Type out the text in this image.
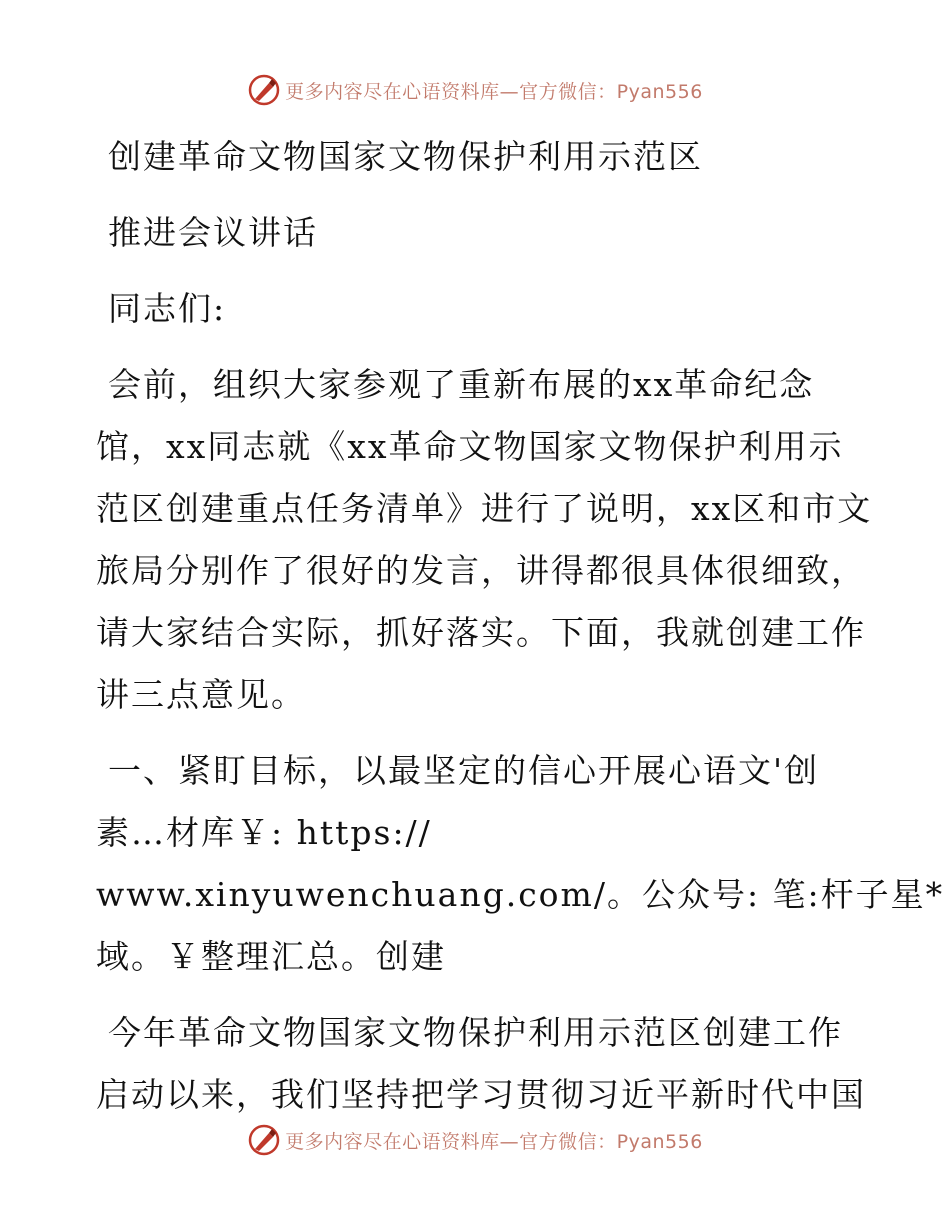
更多内容尽在心语资料库—官方微信：Pyan556
创建革命文物国家文物保护利用示范区
推进会议讲话
同志们:
会前，组织大家参观了重新布展的xx革命纪念
馆，xx同志就《xx革命文物国家文物保护利用示
范区创建重点任务清单》进行了说明，xx区和市文
旅局分别作了很好的发言，讲得都很具体很细致，
请大家结合实际，抓好落实。下面，我就创建工作
讲三点意见。
一、紧盯目标，以最坚定的信心开展心语文'创
素…材库￥: https://
www.xinyuwenchuang.com/。公众号: 笔:杆子星*
域。￥整理汇总。创建
今年革命文物国家文物保护利用示范区创建工作
启动以来，我们坚持把学习贯彻习近平新时代中国
更多内容尽在心语资料库—官方微信：Pyan556
